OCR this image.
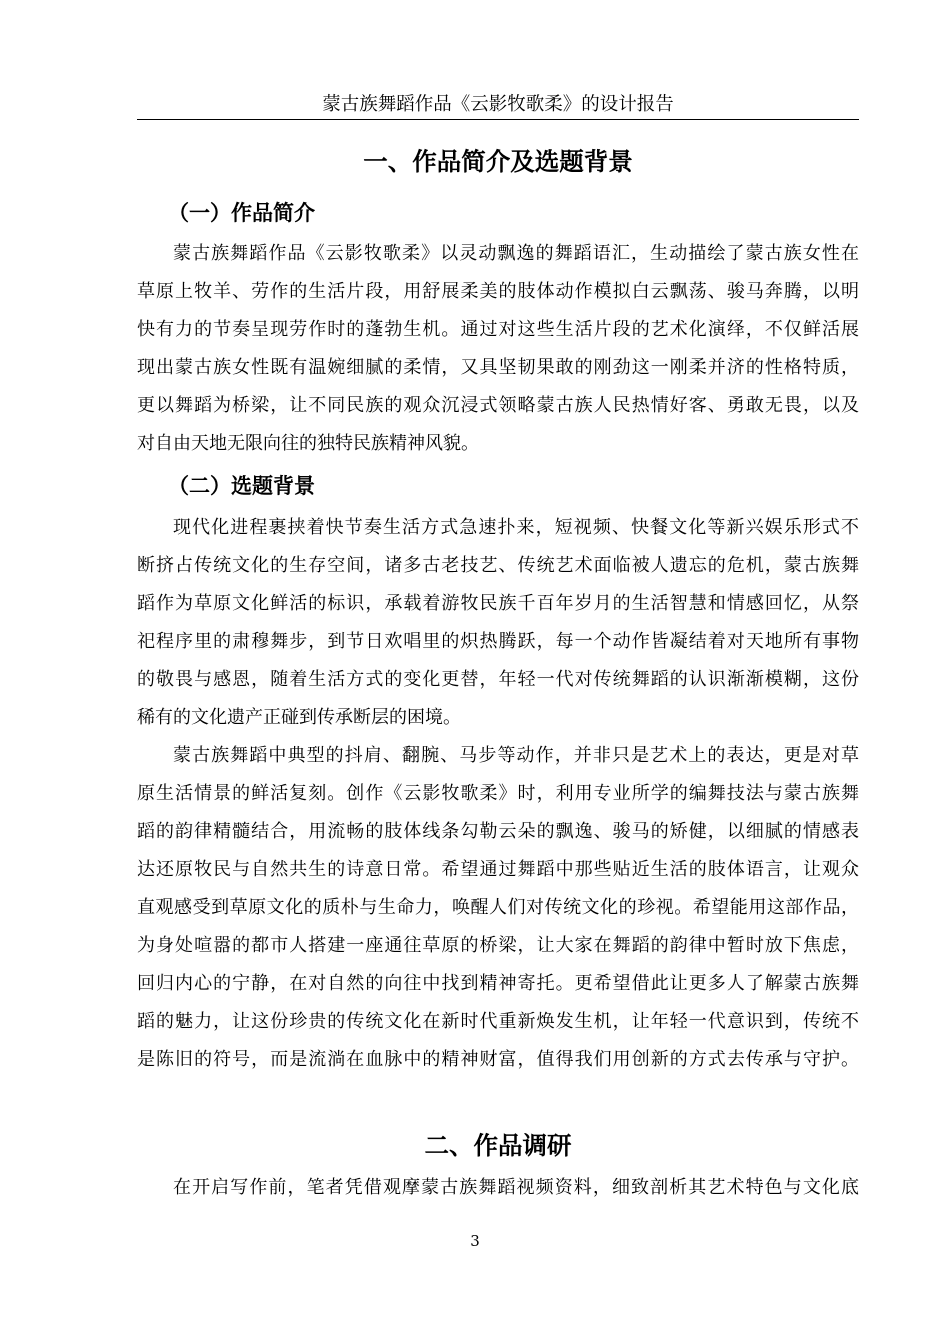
蒙古族舞蹈作品《云影牧歌柔》的设计报告
一、作品简介及选题背景
（一）作品简介
蒙古族舞蹈作品《云影牧歌柔》以灵动飘逸的舞蹈语汇，生动描绘了蒙古族女性在
草原上牧羊、劳作的生活片段，用舒展柔美的肢体动作模拟白云飘荡、骏马奔腾，以明
快有力的节奏呈现劳作时的蓬勃生机。通过对这些生活片段的艺术化演绎，不仅鲜活展
现出蒙古族女性既有温婉细腻的柔情，又具坚韧果敢的刚劲这一刚柔并济的性格特质，
更以舞蹈为桥梁，让不同民族的观众沉浸式领略蒙古族人民热情好客、勇敢无畏，以及
对自由天地无限向往的独特民族精神风貌。
（二）选题背景
现代化进程裹挟着快节奏生活方式急速扑来，短视频、快餐文化等新兴娱乐形式不
断挤占传统文化的生存空间，诸多古老技艺、传统艺术面临被人遗忘的危机，蒙古族舞
蹈作为草原文化鲜活的标识，承载着游牧民族千百年岁月的生活智慧和情感回忆，从祭
祀程序里的肃穆舞步，到节日欢唱里的炽热腾跃，每一个动作皆凝结着对天地所有事物
的敬畏与感恩，随着生活方式的变化更替，年轻一代对传统舞蹈的认识渐渐模糊，这份
稀有的文化遗产正碰到传承断层的困境。
蒙古族舞蹈中典型的抖肩、翻腕、马步等动作，并非只是艺术上的表达，更是对草
原生活情景的鲜活复刻。创作《云影牧歌柔》时，利用专业所学的编舞技法与蒙古族舞
蹈的韵律精髓结合，用流畅的肢体线条勾勒云朵的飘逸、骏马的矫健，以细腻的情感表
达还原牧民与自然共生的诗意日常。希望通过舞蹈中那些贴近生活的肢体语言，让观众
直观感受到草原文化的质朴与生命力，唤醒人们对传统文化的珍视。希望能用这部作品，
为身处喧嚣的都市人搭建一座通往草原的桥梁，让大家在舞蹈的韵律中暂时放下焦虑，
回归内心的宁静，在对自然的向往中找到精神寄托。更希望借此让更多人了解蒙古族舞
蹈的魅力，让这份珍贵的传统文化在新时代重新焕发生机，让年轻一代意识到，传统不
是陈旧的符号，而是流淌在血脉中的精神财富，值得我们用创新的方式去传承与守护。
二、作品调研
在开启写作前，笔者凭借观摩蒙古族舞蹈视频资料，细致剖析其艺术特色与文化底
3
